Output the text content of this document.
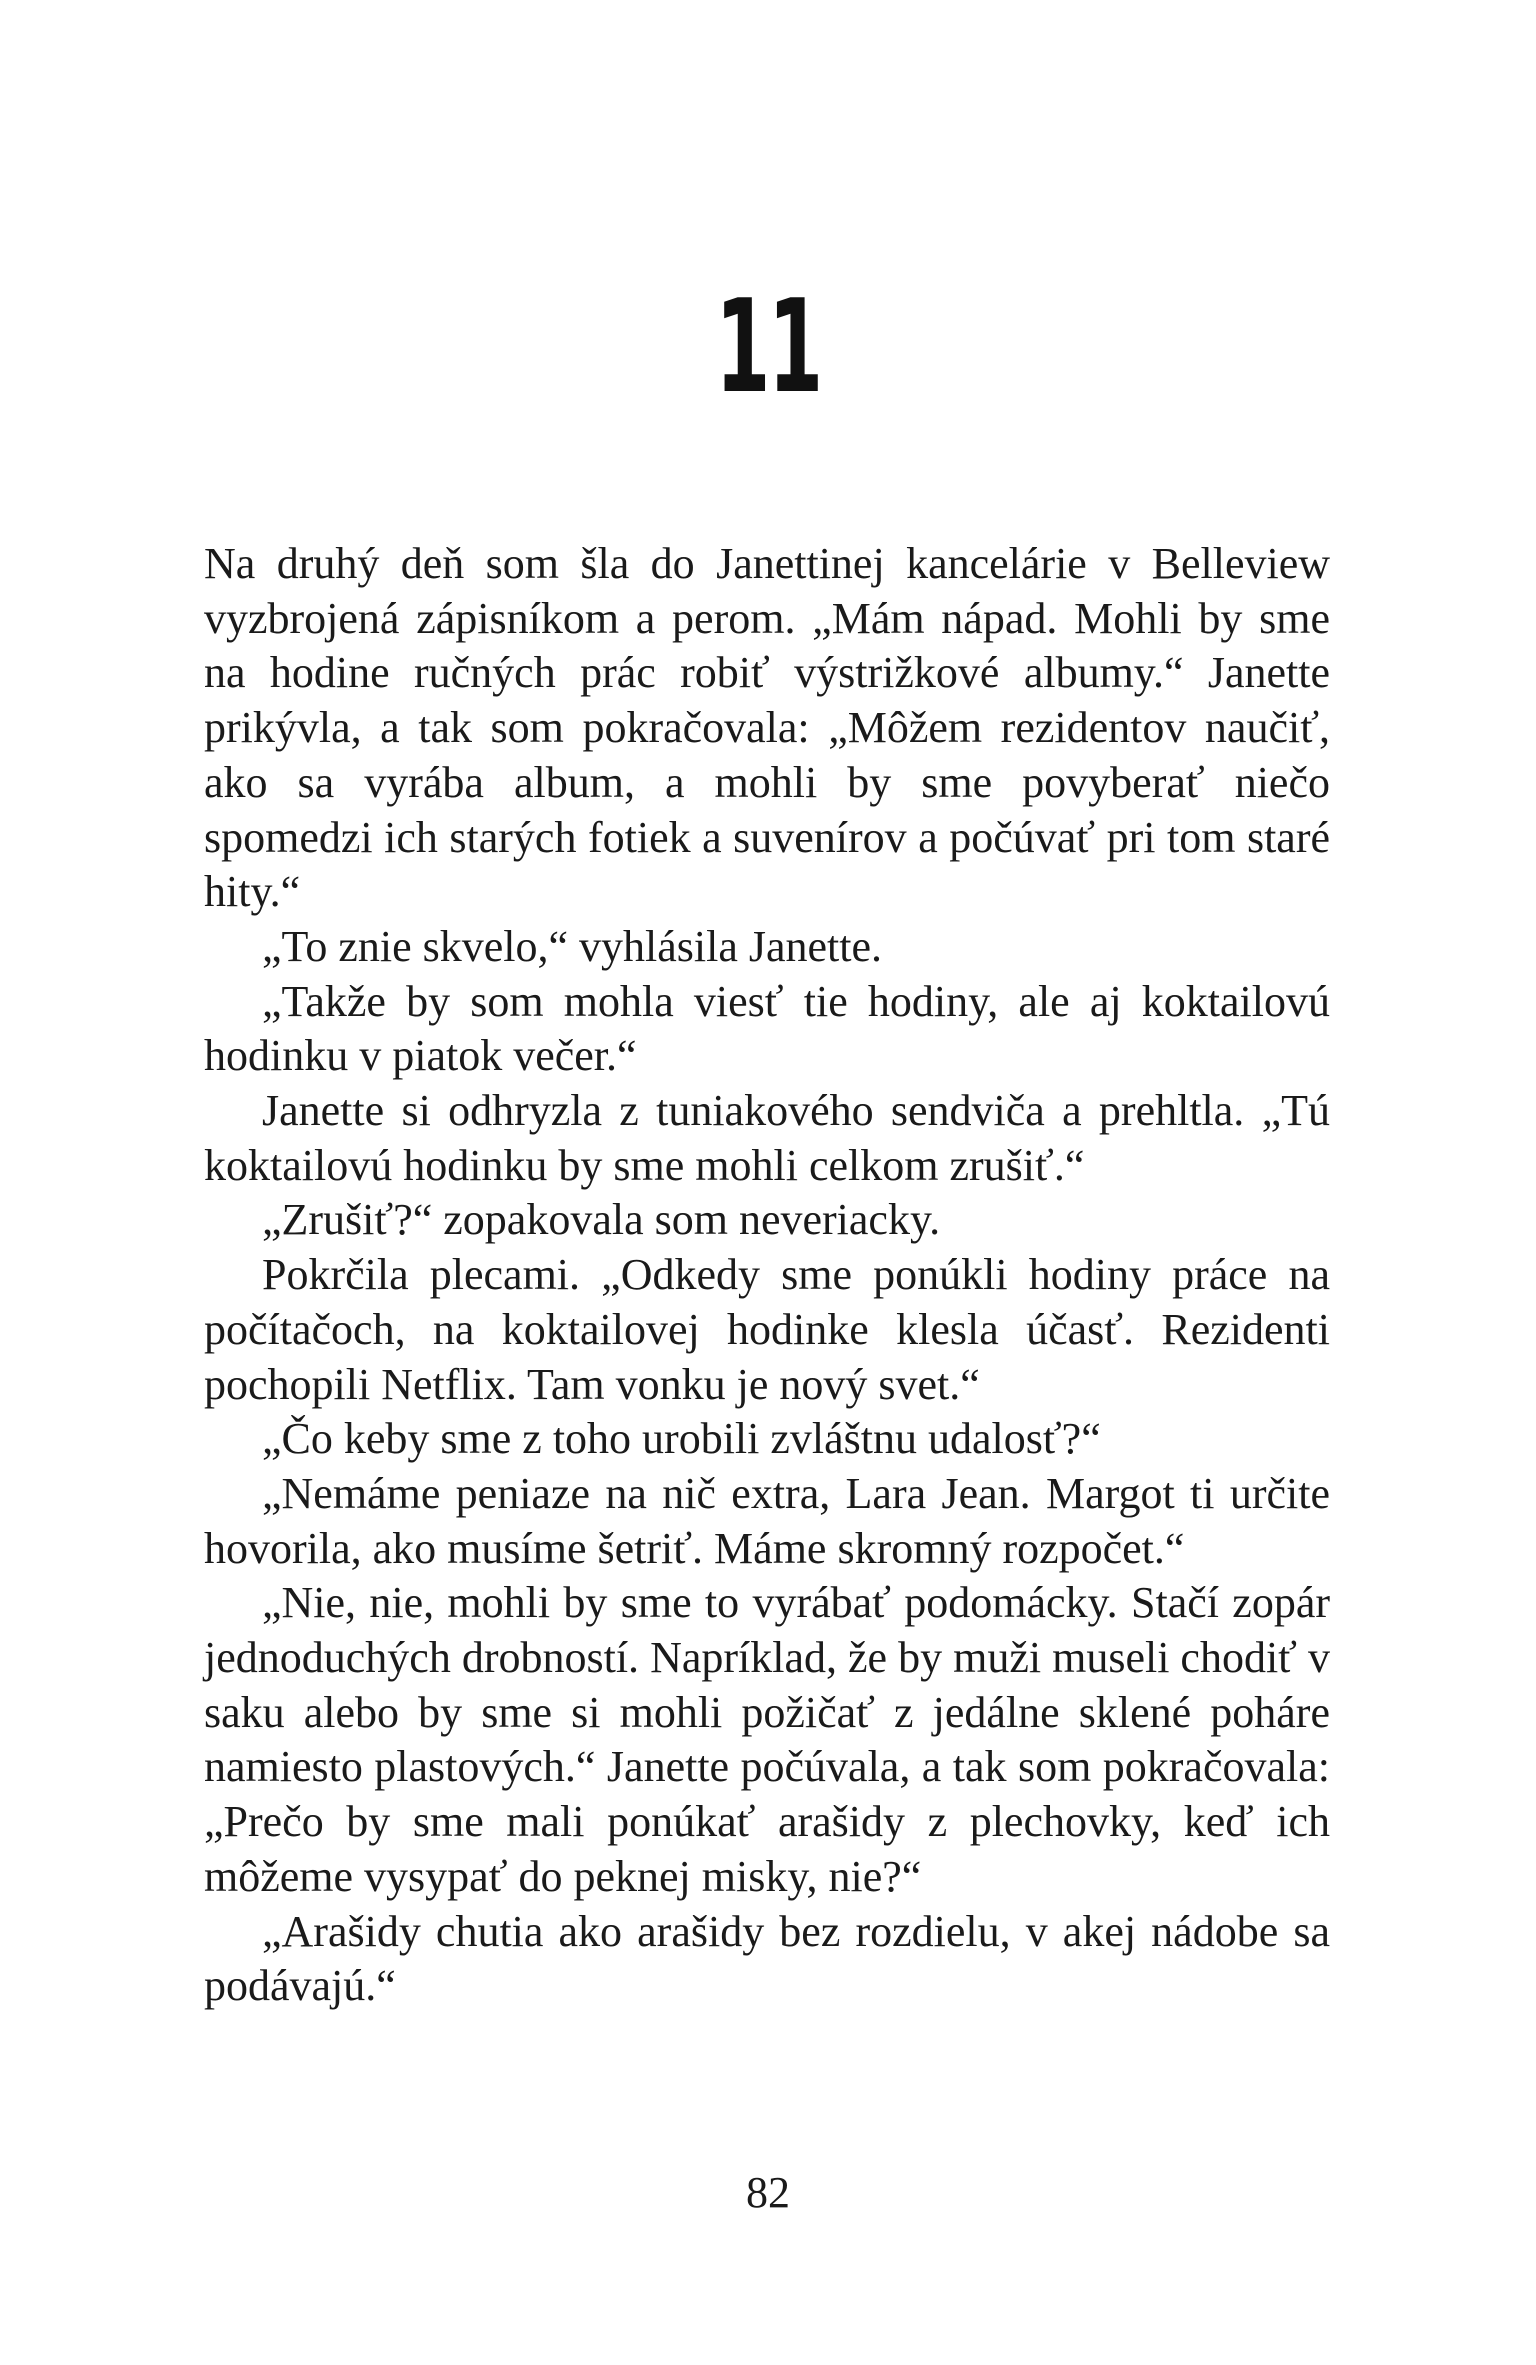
11

Na druhý deň som šla do Janettinej kancelárie v Belleview vyzbrojená zápisníkom a perom. „Mám nápad. Mohli by sme na hodine ručných prác robiť výstrižkové albumy.“ Janette prikývla, a tak som pokračovala: „Môžem rezidentov naučiť, ako sa vyrába album, a mohli by sme povyberať niečo spomedzi ich starých fotiek a suvenírov a počúvať pri tom staré hity.“

„To znie skvelo,“ vyhlásila Janette.

„Takže by som mohla viesť tie hodiny, ale aj koktailovú hodinku v piatok večer.“

Janette si odhryzla z tuniakového sendviča a prehltla. „Tú koktailovú hodinku by sme mohli celkom zrušiť.“

„Zrušiť?“ zopakovala som neveriacky.

Pokrčila plecami. „Odkedy sme ponúkli hodiny práce na počítačoch, na koktailovej hodinke klesla účasť. Rezidenti pochopili Netflix. Tam vonku je nový svet.“

„Čo keby sme z toho urobili zvláštnu udalosť?“

„Nemáme peniaze na nič extra, Lara Jean. Margot ti určite hovorila, ako musíme šetriť. Máme skromný rozpočet.“

„Nie, nie, mohli by sme to vyrábať podomácky. Stačí zopár jednoduchých drobností. Napríklad, že by muži museli chodiť v saku alebo by sme si mohli požičať z jedálne sklené poháre namiesto plastových.“ Janette počúvala, a tak som pokračovala: „Prečo by sme mali ponúkať arašidy z plechovky, keď ich môžeme vysypať do peknej misky, nie?“

„Arašidy chutia ako arašidy bez rozdielu, v akej nádobe sa podávajú.“

82
